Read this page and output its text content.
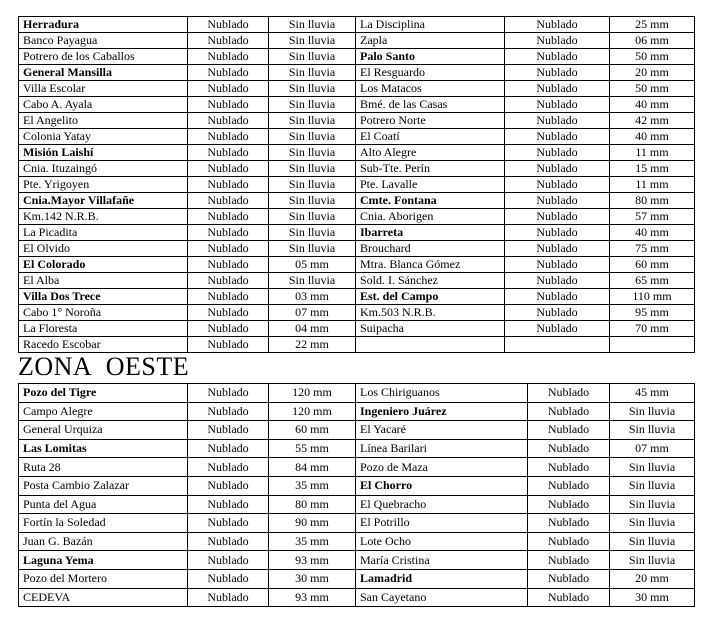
Herradura	Nublado	Sin lluvia	La Disciplina	Nublado	25 mm
Banco Payagua	Nublado	Sin lluvia	Zapla	Nublado	06 mm
Potrero de los Caballos	Nublado	Sin lluvia	Palo Santo	Nublado	50 mm
General Mansilla	Nublado	Sin lluvia	El Resguardo	Nublado	20 mm
Villa Escolar	Nublado	Sin lluvia	Los Matacos	Nublado	50 mm
Cabo A. Ayala	Nublado	Sin lluvia	Bmé. de las Casas	Nublado	40 mm
El Angelito	Nublado	Sin lluvia	Potrero Norte	Nublado	42 mm
Colonia Yatay	Nublado	Sin lluvia	El Coatí	Nublado	40 mm
Misión Laishí	Nublado	Sin lluvia	Alto Alegre	Nublado	11 mm
Cnia. Ituzaingó	Nublado	Sin lluvia	Sub-Tte. Perín	Nublado	15 mm
Pte. Yrigoyen	Nublado	Sin lluvia	Pte. Lavalle	Nublado	11 mm
Cnia.Mayor Villafañe	Nublado	Sin lluvia	Cmte. Fontana	Nublado	80 mm
Km.142 N.R.B.	Nublado	Sin lluvia	Cnia. Aborigen	Nublado	57 mm
La Picadita	Nublado	Sin lluvia	Ibarreta	Nublado	40 mm
El Olvido	Nublado	Sin lluvia	Brouchard	Nublado	75 mm
El Colorado	Nublado	05 mm	Mtra. Blanca Gómez	Nublado	60 mm
El Alba	Nublado	Sin lluvia	Sold. I. Sánchez	Nublado	65 mm
Villa Dos Trece	Nublado	03 mm	Est. del Campo	Nublado	110 mm
Cabo 1° Noroña	Nublado	07 mm	Km.503 N.R.B.	Nublado	95 mm
La Floresta	Nublado	04 mm	Suipacha	Nublado	70 mm
Racedo Escobar	Nublado	22 mm			
ZONA OESTE
Pozo del Tigre	Nublado	120 mm	Los Chiriguanos	Nublado	45 mm
Campo Alegre	Nublado	120 mm	Ingeniero Juárez	Nublado	Sin lluvia
General Urquiza	Nublado	60 mm	El Yacaré	Nublado	Sin lluvia
Las Lomitas	Nublado	55 mm	Línea Barilari	Nublado	07 mm
Ruta 28	Nublado	84 mm	Pozo de Maza	Nublado	Sin lluvia
Posta Cambio Zalazar	Nublado	35 mm	El Chorro	Nublado	Sin lluvia
Punta del Agua	Nublado	80 mm	El Quebracho	Nublado	Sin lluvia
Fortín la Soledad	Nublado	90 mm	El Potrillo	Nublado	Sin lluvia
Juan G. Bazán	Nublado	35 mm	Lote Ocho	Nublado	Sin lluvia
Laguna Yema	Nublado	93 mm	María Cristina	Nublado	Sin lluvia
Pozo del Mortero	Nublado	30 mm	Lamadrid	Nublado	20 mm
CEDEVA	Nublado	93 mm	San Cayetano	Nublado	30 mm
